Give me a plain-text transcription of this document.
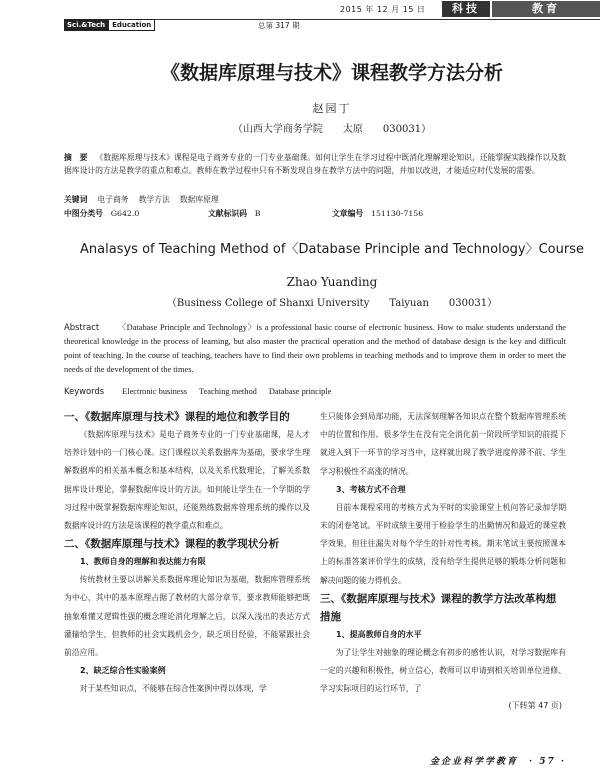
2015 年 12 月 15 日	科技	教育
Sci.&Tech Education	总第 317 期
《数据库原理与技术》课程教学方法分析
赵园丁
（山西大学商务学院　　太原　　030031）
摘　要 《数据库原理与技术》课程是电子商务专业的一门专业基础课。如何让学生在学习过程中既消化理解理论知识，还能掌握实践操作以及数据库设计的方法是教学的重点和难点。教师在教学过程中只有不断发现自身在教学方法中的问题，并加以改进，才能适应时代发展的需要。
关键词 电子商务 教学方法 数据库原理
中图分类号　 G642.0	文献标识码　 B	文章编号　 151130-7156
Analasys of Teaching Method of〈Database Principle and Technology〉Course
Zhao Yuanding
（Business College of Shanxi University　　Taiyuan　　030031）
Abstract 〈Database Principle and Technology〉is a professional basic course of electronic business. How to make students understand the theoretical knowledge in the process of learning, but also master the practical operation and the method of database design is the key and difficult point of teaching. In the course of teaching, teachers have to find their own problems in teaching methods and to improve them in order to meet the needs of the development of the times.
Keywords Electronic business Teaching method Database principle
一、《数据库原理与技术》课程的地位和教学目的

《数据库原理与技术》是电子商务专业的一门专业基础课，是人才培养计划中的一门核心课。这门课程以关系数据库为基础，要求学生理解数据库的相关基本概念和基本结构，以及关系代数理论，了解关系数据库设计理论，掌握数据库设计的方法。如何能让学生在一个学期的学习过程中既掌握数据库理论知识，还能熟练数据库管理系统的操作以及数据库设计的方法是该课程的教学重点和难点。

二、《数据库原理与技术》课程的教学现状分析
1、教师自身的理解和表达能力有限

传统教材主要以讲解关系数据库理论知识为基础，数据库管理系统为中心，其中的基本原理占据了教材的大部分章节，要求教师能够把既抽象难懂又逻辑性强的概念理论消化理解之后，以深入浅出的表达方式灌输给学生，但教师的社会实践机会少，缺乏项目经验，不能紧跟社会前沿应用。

2、缺乏综合性实验案例

对于某些知识点，不能够在综合性案例中得以体现，学

生只能体会到局部功能，无法深刻理解各知识点在整个数据库管理系统中的位置和作用。很多学生在没有完全消化前一阶段所学知识的前提下就进入到下一环节的学习当中，这样就出现了教学进度停滞不前、学生学习积极性不高涨的情况。

3、考核方式不合理

目前本课程采用的考核方式为平时的实验课堂上机问答记录加学期末的闭卷笔试。平时成绩主要用于检验学生的出勤情况和最近的课堂教学效果，但往往漏失对每个学生的针对性考核。期末笔试主要按照课本上的标准答案评价学生的成绩，没有给学生提供足够的锻炼分析问题和解决问题的能力得机会。

三、《数据库原理与技术》课程的教学方法改革构想措施
1、提高教师自身的水平

为了让学生对抽象的理论概念有初步的感性认识，对学习数据库有一定的兴趣和积极性，树立信心，教师可以申请到相关培训单位进修、学习实际项目的运行环节，了

(下转第 47 页)
金企业科学学教育　· 57 ·
